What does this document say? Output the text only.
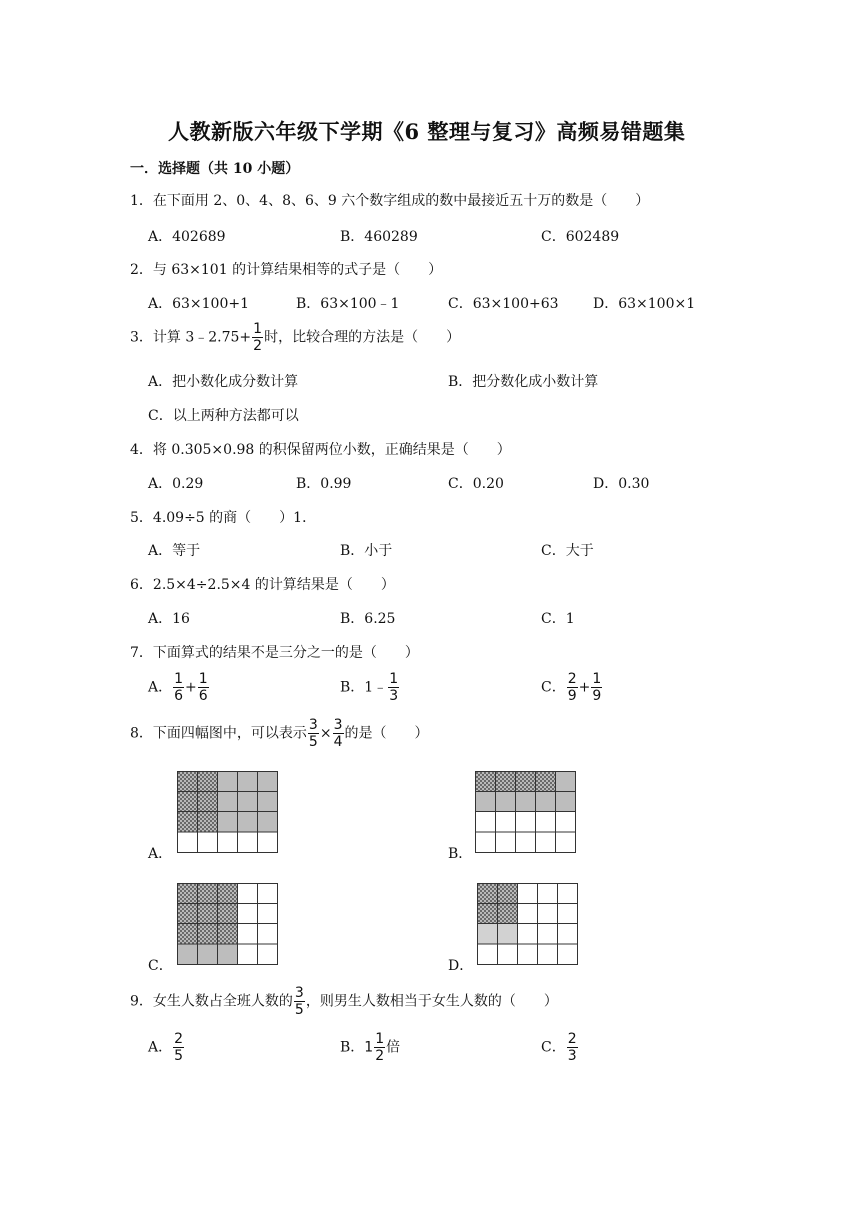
人教新版六年级下学期《6 整理与复习》高频易错题集
一．选择题（共 10 小题）
1．在下面用 2、0、4、8、6、9 六个数字组成的数中最接近五十万的数是（　　）
A．402689	B．460289	C．602489
2．与 63×101 的计算结果相等的式子是（　　）
A．63×100+1	B．63×100﹣1	C．63×100+63 D．63×100×1
3．计算 3﹣2.75+ $\frac{1}{2}$ 时，比较合理的方法是（　　）
A．把小数化成分数计算	B．把分数化成小数计算
C．以上两种方法都可以
4．将 0.305×0.98 的积保留两位小数，正确结果是（　　）
A．0.29	B．0.99	C．0.20	D．0.30
5．4.09÷5 的商（　　）1．
A．等于	B．小于	C．大于
6．2.5×4÷2.5×4 的计算结果是（　　）
A．16	B．6.25	C．1
7．下面算式的结果不是三分之一的是（　　）
A． $\frac{1}{6} + \frac{1}{6}$	B．1﹣ $\frac{1}{3}$	C． $\frac{2}{9} + \frac{1}{9}$
8．下面四幅图中，可以表示 $\frac{3}{5} \times \frac{3}{4}$ 的是（　　）
A．	B．
C．	D．
9．女生人数占全班人数的 $\frac{3}{5}$ ，则男生人数相当于女生人数的（　　）
A． $\frac{2}{5}$	B．$1 \frac{1}{2}$ 倍	C． $\frac{2}{3}$
